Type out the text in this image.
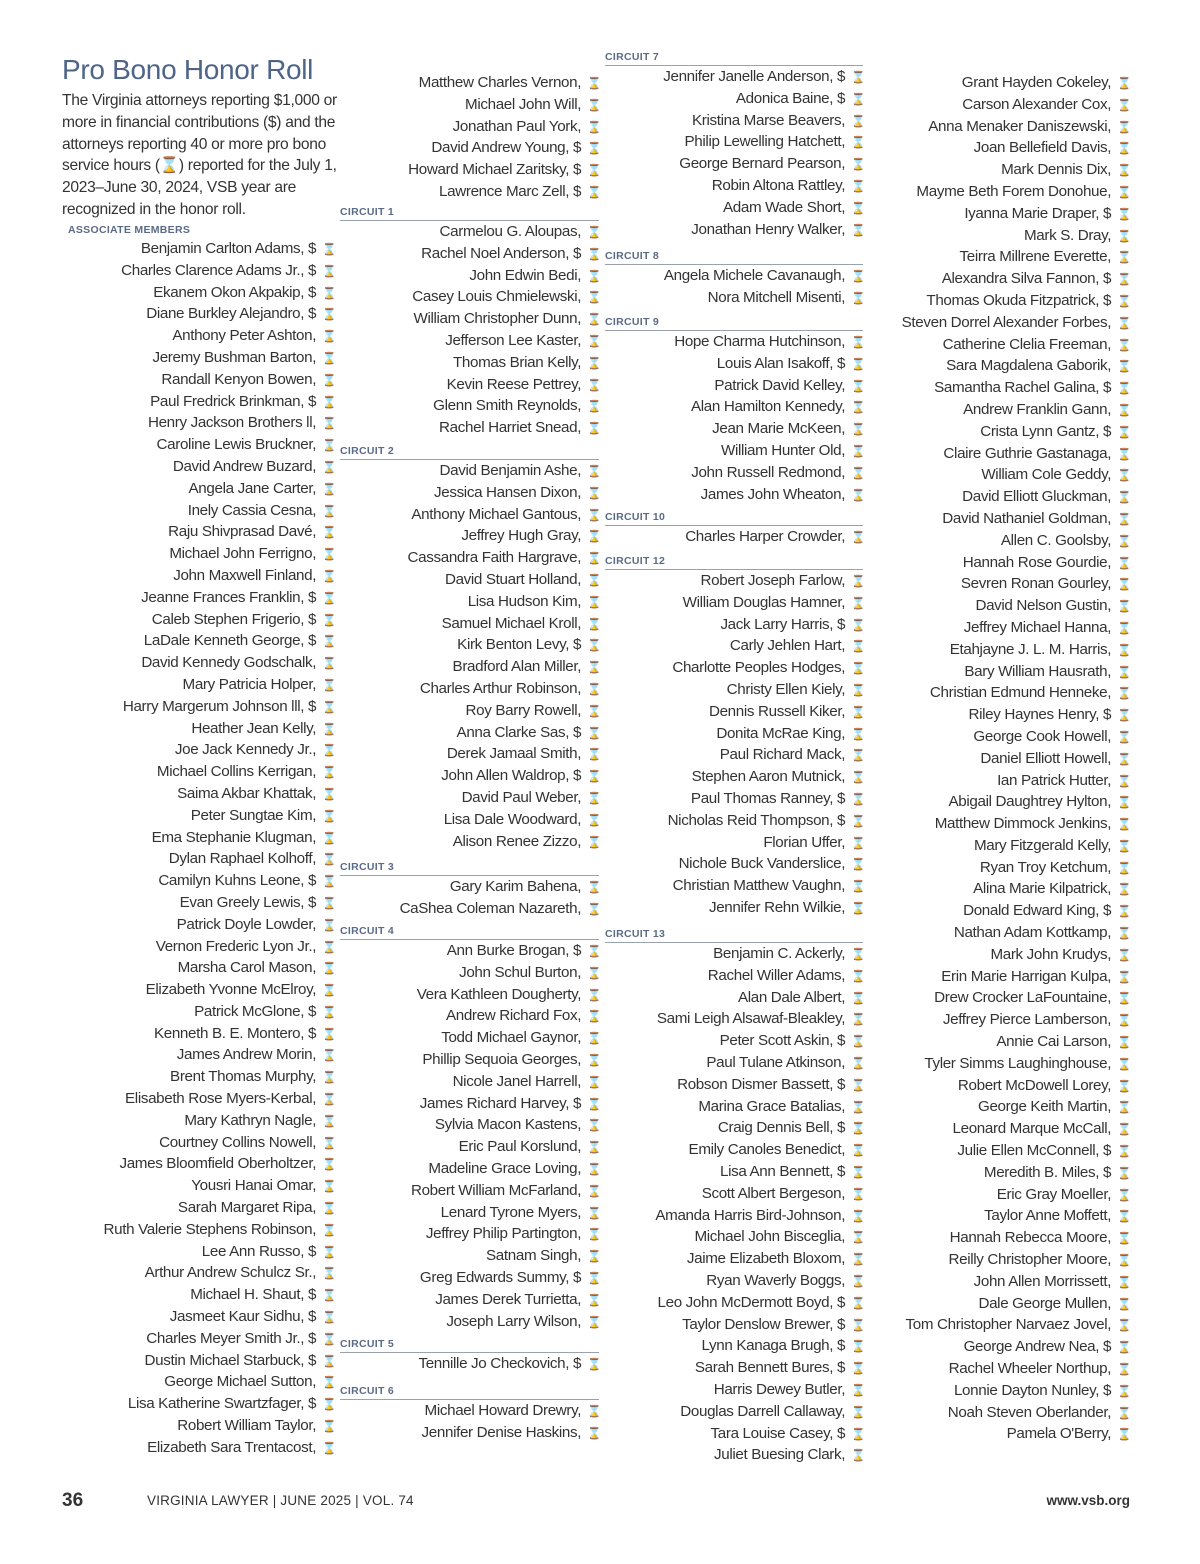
Pro Bono Honor Roll

The Virginia attorneys reporting $1,000 or more in financial contributions ($) and the attorneys reporting 40 or more pro bono service hours (⌛) reported for the July 1, 2023–June 30, 2024, VSB year are recognized in the honor roll.

ASSOCIATE MEMBERS
Benjamin Carlton Adams, $ ⌛
Charles Clarence Adams Jr., $ ⌛
Ekanem Okon Akpakip, $ ⌛
Diane Burkley Alejandro, $ ⌛
Anthony Peter Ashton, ⌛
Jeremy Bushman Barton, ⌛
Randall Kenyon Bowen, ⌛
Paul Fredrick Brinkman, $ ⌛
Henry Jackson Brothers ll, ⌛
Caroline Lewis Bruckner, ⌛
David Andrew Buzard, ⌛
Angela Jane Carter, ⌛
Inely Cassia Cesna, ⌛
Raju Shivprasad Davé, ⌛
Michael John Ferrigno, ⌛
John Maxwell Finland, ⌛
Jeanne Frances Franklin, $ ⌛
Caleb Stephen Frigerio, $ ⌛
LaDale Kenneth George, $ ⌛
David Kennedy Godschalk, ⌛
Mary Patricia Holper, ⌛
Harry Margerum Johnson lll, $ ⌛
Heather Jean Kelly, ⌛
Joe Jack Kennedy Jr., ⌛
Michael Collins Kerrigan, ⌛
Saima Akbar Khattak, ⌛
Peter Sungtae Kim, ⌛
Ema Stephanie Klugman, ⌛
Dylan Raphael Kolhoff, ⌛
Camilyn Kuhns Leone, $ ⌛
Evan Greely Lewis, $ ⌛
Patrick Doyle Lowder, ⌛
Vernon Frederic Lyon Jr., ⌛
Marsha Carol Mason, ⌛
Elizabeth Yvonne McElroy, ⌛
Patrick McGlone, $ ⌛
Kenneth B. E. Montero, $ ⌛
James Andrew Morin, ⌛
Brent Thomas Murphy, ⌛
Elisabeth Rose Myers-Kerbal, ⌛
Mary Kathryn Nagle, ⌛
Courtney Collins Nowell, ⌛
James Bloomfield Oberholtzer, ⌛
Yousri Hanai Omar, ⌛
Sarah Margaret Ripa, ⌛
Ruth Valerie Stephens Robinson, ⌛
Lee Ann Russo, $ ⌛
Arthur Andrew Schulcz Sr., ⌛
Michael H. Shaut, $ ⌛
Jasmeet Kaur Sidhu, $ ⌛
Charles Meyer Smith Jr., $ ⌛
Dustin Michael Starbuck, $ ⌛
George Michael Sutton, ⌛
Lisa Katherine Swartzfager, $ ⌛
Robert William Taylor, ⌛
Elizabeth Sara Trentacost, ⌛
Matthew Charles Vernon, ⌛
Michael John Will, ⌛
Jonathan Paul York, ⌛
David Andrew Young, $ ⌛
Howard Michael Zaritsky, $ ⌛
Lawrence Marc Zell, $ ⌛
CIRCUIT 1
Carmelou G. Aloupas, ⌛
Rachel Noel Anderson, $ ⌛
John Edwin Bedi, ⌛
Casey Louis Chmielewski, ⌛
William Christopher Dunn, ⌛
Jefferson Lee Kaster, ⌛
Thomas Brian Kelly, ⌛
Kevin Reese Pettrey, ⌛
Glenn Smith Reynolds, ⌛
Rachel Harriet Snead, ⌛
CIRCUIT 2
David Benjamin Ashe, ⌛
Jessica Hansen Dixon, ⌛
Anthony Michael Gantous, ⌛
Jeffrey Hugh Gray, ⌛
Cassandra Faith Hargrave, ⌛
David Stuart Holland, ⌛
Lisa Hudson Kim, ⌛
Samuel Michael Kroll, ⌛
Kirk Benton Levy, $ ⌛
Bradford Alan Miller, ⌛
Charles Arthur Robinson, ⌛
Roy Barry Rowell, ⌛
Anna Clarke Sas, $ ⌛
Derek Jamaal Smith, ⌛
John Allen Waldrop, $ ⌛
David Paul Weber, ⌛
Lisa Dale Woodward, ⌛
Alison Renee Zizzo, ⌛
CIRCUIT 3
Gary Karim Bahena, ⌛
CaShea Coleman Nazareth, ⌛
CIRCUIT 4
Ann Burke Brogan, $ ⌛
John Schul Burton, ⌛
Vera Kathleen Dougherty, ⌛
Andrew Richard Fox, ⌛
Todd Michael Gaynor, ⌛
Phillip Sequoia Georges, ⌛
Nicole Janel Harrell, ⌛
James Richard Harvey, $ ⌛
Sylvia Macon Kastens, ⌛
Eric Paul Korslund, ⌛
Madeline Grace Loving, ⌛
Robert William McFarland, ⌛
Lenard Tyrone Myers, ⌛
Jeffrey Philip Partington, ⌛
Satnam Singh, ⌛
Greg Edwards Summy, $ ⌛
James Derek Turrietta, ⌛
Joseph Larry Wilson, ⌛
CIRCUIT 5
Tennille Jo Checkovich, $ ⌛
CIRCUIT 6
Michael Howard Drewry, ⌛
Jennifer Denise Haskins, ⌛
CIRCUIT 7
Jennifer Janelle Anderson, $ ⌛
Adonica Baine, $ ⌛
Kristina Marse Beavers, ⌛
Philip Lewelling Hatchett, ⌛
George Bernard Pearson, ⌛
Robin Altona Rattley, ⌛
Adam Wade Short, ⌛
Jonathan Henry Walker, ⌛
CIRCUIT 8
Angela Michele Cavanaugh, ⌛
Nora Mitchell Misenti, ⌛
CIRCUIT 9
Hope Charma Hutchinson, ⌛
Louis Alan Isakoff, $ ⌛
Patrick David Kelley, ⌛
Alan Hamilton Kennedy, ⌛
Jean Marie McKeen, ⌛
William Hunter Old, ⌛
John Russell Redmond, ⌛
James John Wheaton, ⌛
CIRCUIT 10
Charles Harper Crowder, ⌛
CIRCUIT 12
Robert Joseph Farlow, ⌛
William Douglas Hamner, ⌛
Jack Larry Harris, $ ⌛
Carly Jehlen Hart, ⌛
Charlotte Peoples Hodges, ⌛
Christy Ellen Kiely, ⌛
Dennis Russell Kiker, ⌛
Donita McRae King, ⌛
Paul Richard Mack, ⌛
Stephen Aaron Mutnick, ⌛
Paul Thomas Ranney, $ ⌛
Nicholas Reid Thompson, $ ⌛
Florian Uffer, ⌛
Nichole Buck Vanderslice, ⌛
Christian Matthew Vaughn, ⌛
Jennifer Rehn Wilkie, ⌛
CIRCUIT 13
Benjamin C. Ackerly, ⌛
Rachel Willer Adams, ⌛
Alan Dale Albert, ⌛
Sami Leigh Alsawaf-Bleakley, ⌛
Peter Scott Askin, $ ⌛
Paul Tulane Atkinson, ⌛
Robson Dismer Bassett, $ ⌛
Marina Grace Batalias, ⌛
Craig Dennis Bell, $ ⌛
Emily Canoles Benedict, ⌛
Lisa Ann Bennett, $ ⌛
Scott Albert Bergeson, ⌛
Amanda Harris Bird-Johnson, ⌛
Michael John Bisceglia, ⌛
Jaime Elizabeth Bloxom, ⌛
Ryan Waverly Boggs, ⌛
Leo John McDermott Boyd, $ ⌛
Taylor Denslow Brewer, $ ⌛
Lynn Kanaga Brugh, $ ⌛
Sarah Bennett Bures, $ ⌛
Harris Dewey Butler, ⌛
Douglas Darrell Callaway, ⌛
Tara Louise Casey, $ ⌛
Juliet Buesing Clark, ⌛
Grant Hayden Cokeley, ⌛
Carson Alexander Cox, ⌛
Anna Menaker Daniszewski, ⌛
Joan Bellefield Davis, ⌛
Mark Dennis Dix, ⌛
Mayme Beth Forem Donohue, ⌛
Iyanna Marie Draper, $ ⌛
Mark S. Dray, ⌛
Teirra Millrene Everette, ⌛
Alexandra Silva Fannon, $ ⌛
Thomas Okuda Fitzpatrick, $ ⌛
Steven Dorrel Alexander Forbes, ⌛
Catherine Clelia Freeman, ⌛
Sara Magdalena Gaborik, ⌛
Samantha Rachel Galina, $ ⌛
Andrew Franklin Gann, ⌛
Crista Lynn Gantz, $ ⌛
Claire Guthrie Gastanaga, ⌛
William Cole Geddy, ⌛
David Elliott Gluckman, ⌛
David Nathaniel Goldman, ⌛
Allen C. Goolsby, ⌛
Hannah Rose Gourdie, ⌛
Sevren Ronan Gourley, ⌛
David Nelson Gustin, ⌛
Jeffrey Michael Hanna, ⌛
Etahjayne J. L. M. Harris, ⌛
Bary William Hausrath, ⌛
Christian Edmund Henneke, ⌛
Riley Haynes Henry, $ ⌛
George Cook Howell, ⌛
Daniel Elliott Howell, ⌛
Ian Patrick Hutter, ⌛
Abigail Daughtrey Hylton, ⌛
Matthew Dimmock Jenkins, ⌛
Mary Fitzgerald Kelly, ⌛
Ryan Troy Ketchum, ⌛
Alina Marie Kilpatrick, ⌛
Donald Edward King, $ ⌛
Nathan Adam Kottkamp, ⌛
Mark John Krudys, ⌛
Erin Marie Harrigan Kulpa, ⌛
Drew Crocker LaFountaine, ⌛
Jeffrey Pierce Lamberson, ⌛
Annie Cai Larson, ⌛
Tyler Simms Laughinghouse, ⌛
Robert McDowell Lorey, ⌛
George Keith Martin, ⌛
Leonard Marque McCall, ⌛
Julie Ellen McConnell, $ ⌛
Meredith B. Miles, $ ⌛
Eric Gray Moeller, ⌛
Taylor Anne Moffett, ⌛
Hannah Rebecca Moore, ⌛
Reilly Christopher Moore, ⌛
John Allen Morrissett, ⌛
Dale George Mullen, ⌛
Tom Christopher Narvaez Jovel, ⌛
George Andrew Nea, $ ⌛
Rachel Wheeler Northup, ⌛
Lonnie Dayton Nunley, $ ⌛
Noah Steven Oberlander, ⌛
Pamela O'Berry, ⌛
36	VIRGINIA LAWYER | JUNE 2025 | VOL. 74	www.vsb.org
